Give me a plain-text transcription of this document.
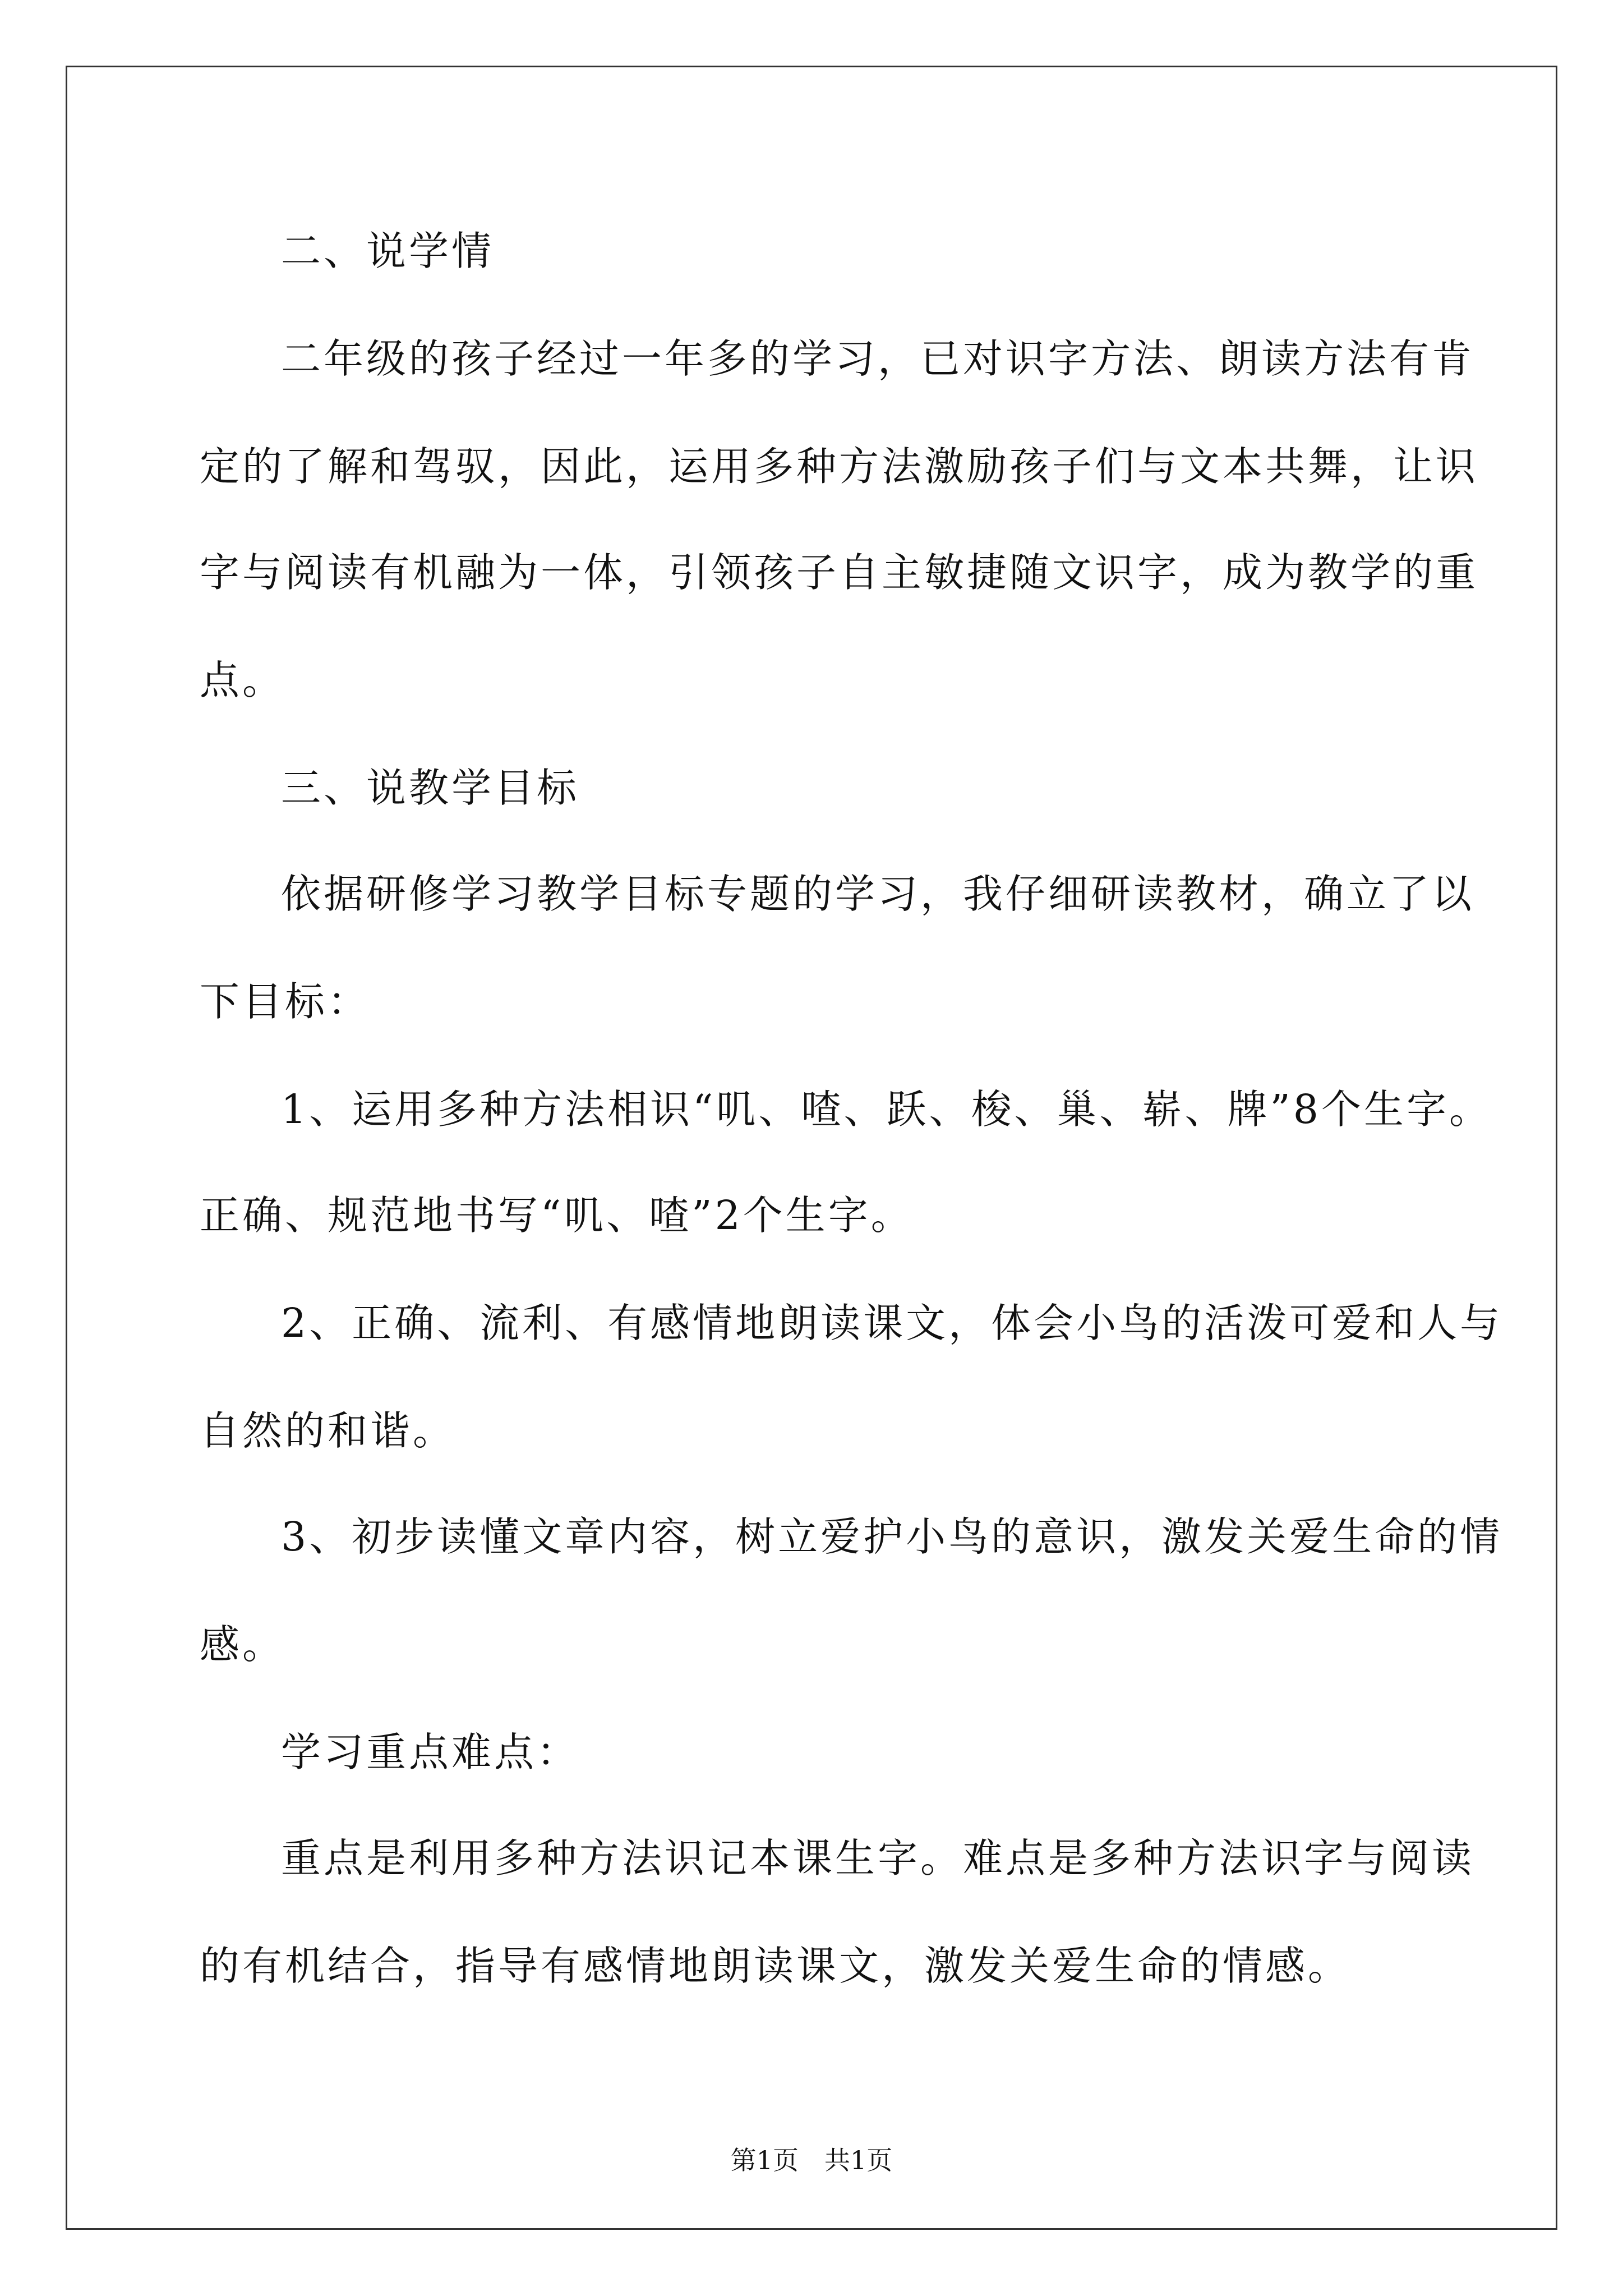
二、说学情
二年级的孩子经过一年多的学习，已对识字方法、朗读方法有肯
定的了解和驾驭，因此，运用多种方法激励孩子们与文本共舞，让识
字与阅读有机融为一体，引领孩子自主敏捷随文识字，成为教学的重
点。
三、说教学目标
依据研修学习教学目标专题的学习，我仔细研读教材，确立了以
下目标：
1、运用多种方法相识“叽、喳、跃、梭、巢、崭、牌”8个生字。
正确、规范地书写“叽、喳”2个生字。
2、正确、流利、有感情地朗读课文，体会小鸟的活泼可爱和人与
自然的和谐。
3、初步读懂文章内容，树立爱护小鸟的意识，激发关爱生命的情
感。
学习重点难点：
重点是利用多种方法识记本课生字。难点是多种方法识字与阅读
的有机结合，指导有感情地朗读课文，激发关爱生命的情感。
第1页　共1页
